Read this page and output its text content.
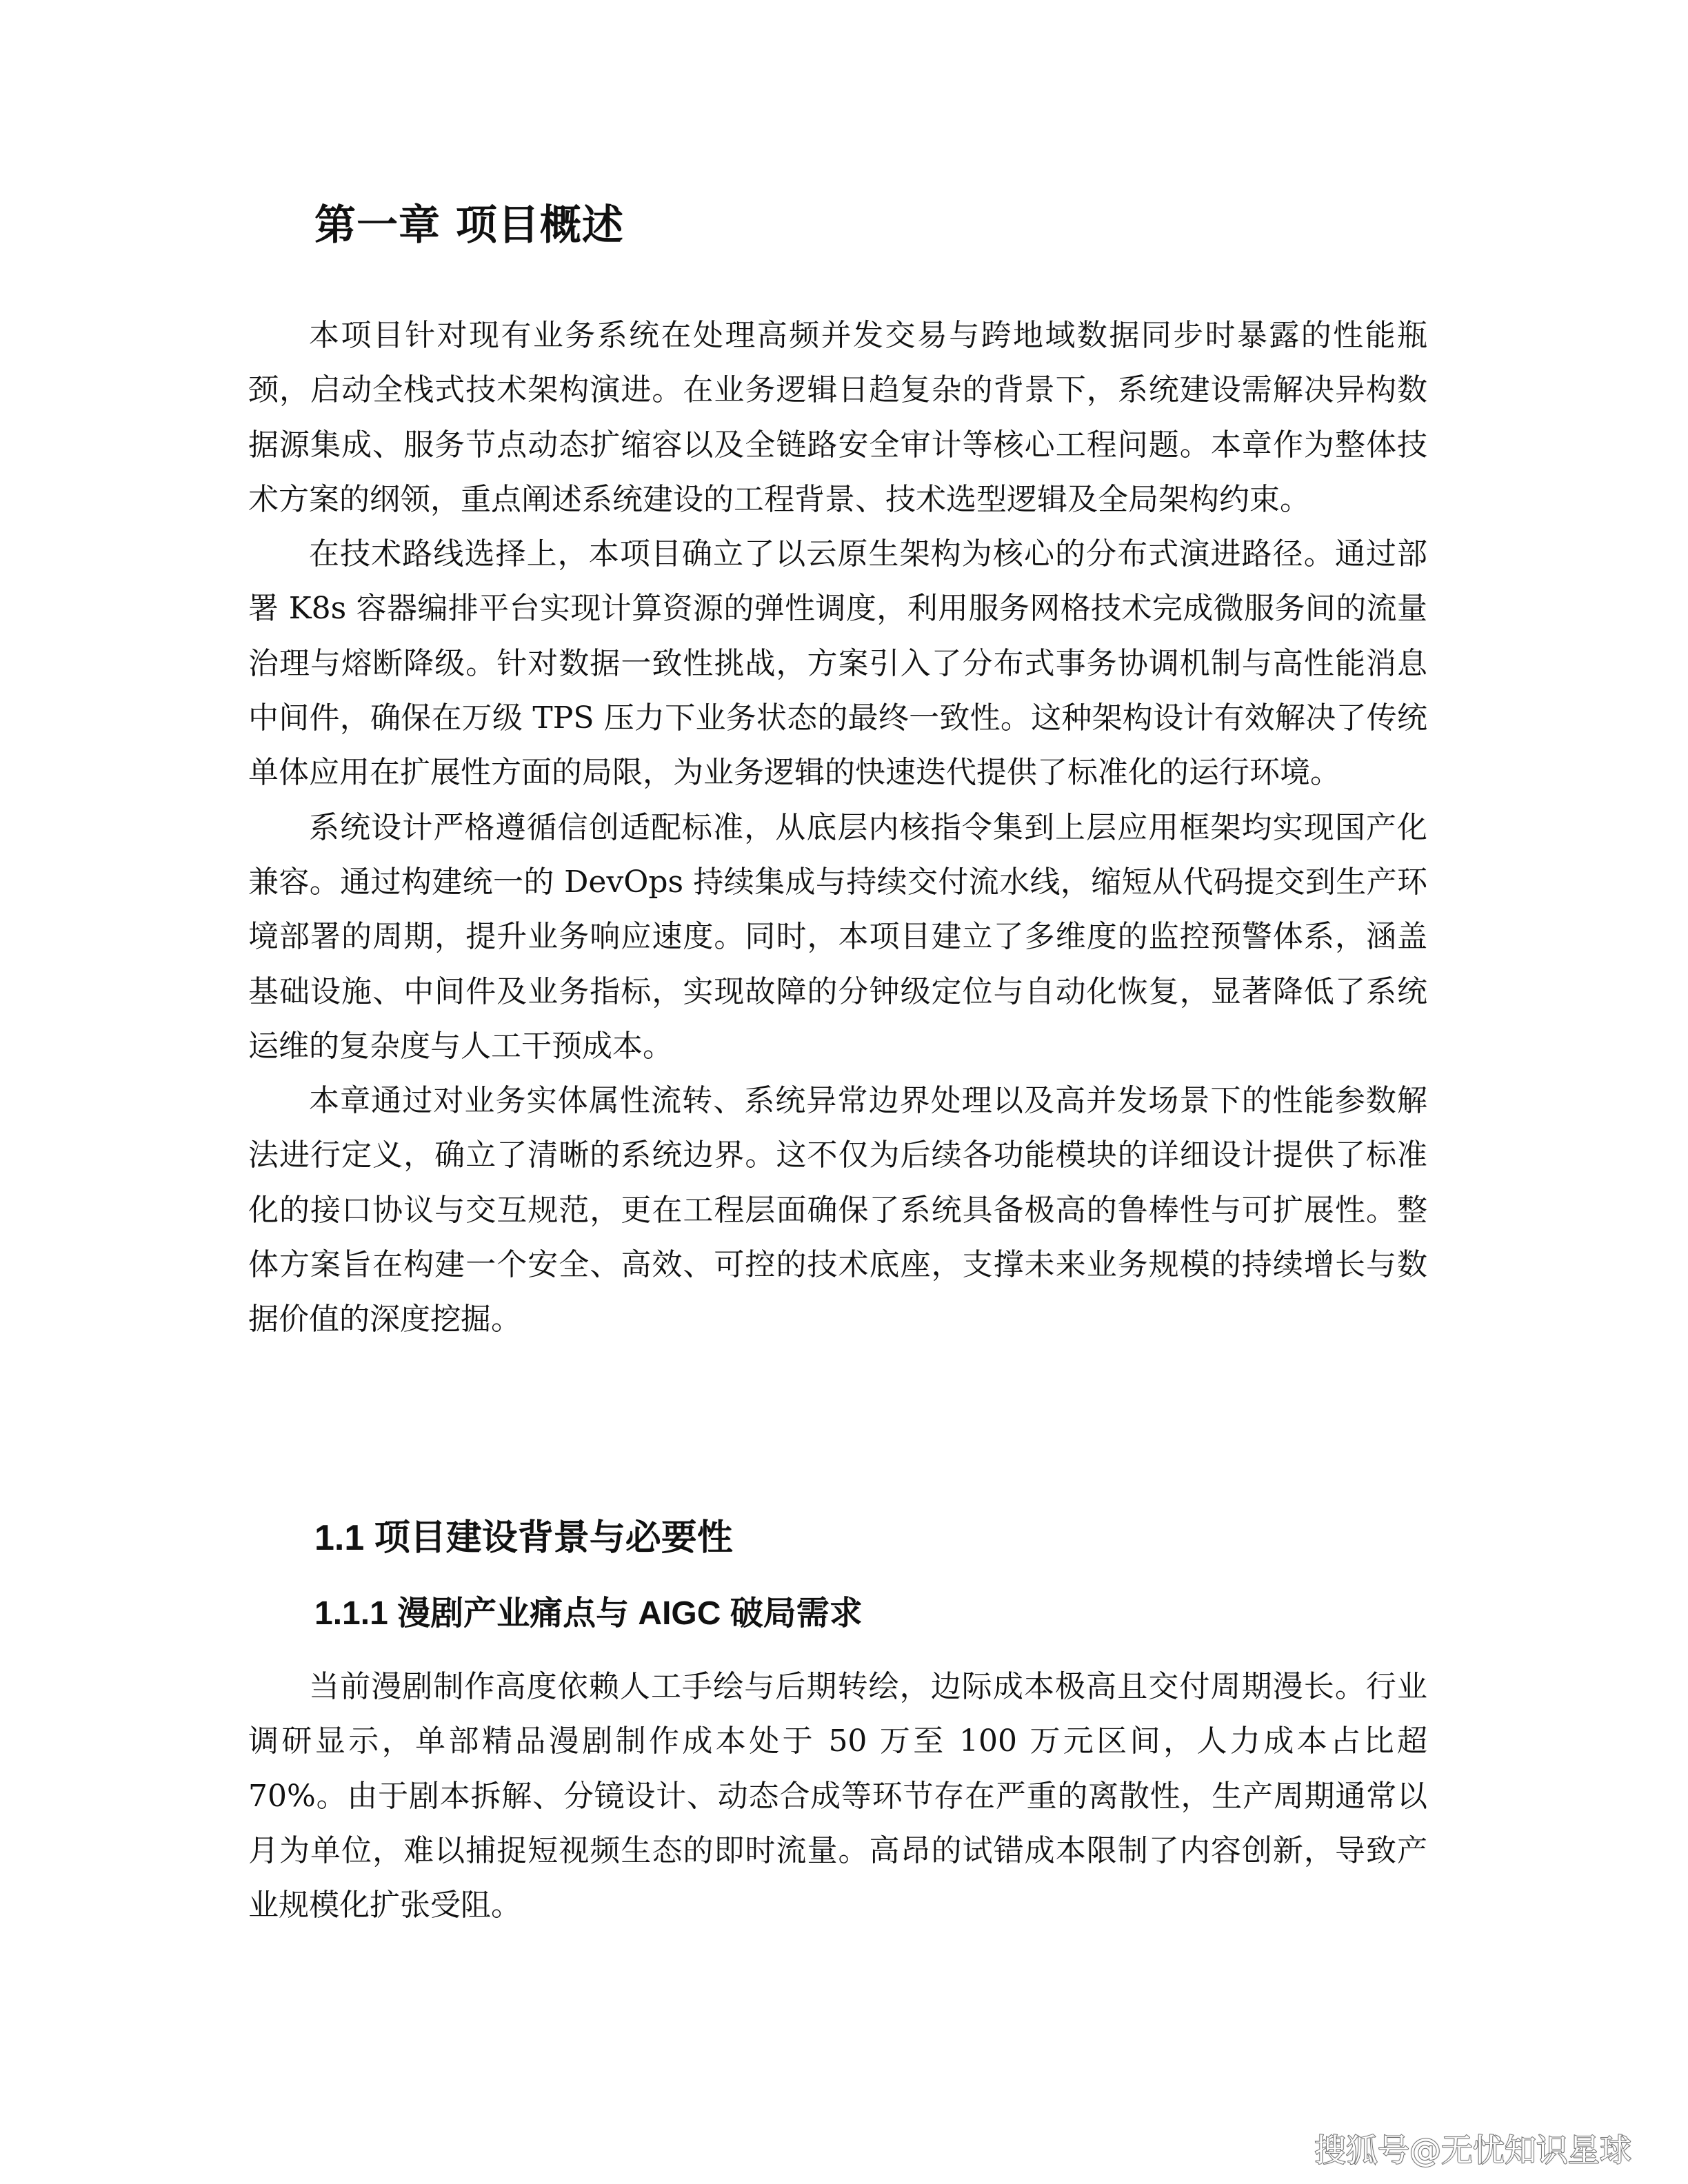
第一章 项目概述

本项目针对现有业务系统在处理高频并发交易与跨地域数据同步时暴露的性能瓶颈，启动全栈式技术架构演进。在业务逻辑日趋复杂的背景下，系统建设需解决异构数据源集成、服务节点动态扩缩容以及全链路安全审计等核心工程问题。本章作为整体技术方案的纲领，重点阐述系统建设的工程背景、技术选型逻辑及全局架构约束。

在技术路线选择上，本项目确立了以云原生架构为核心的分布式演进路径。通过部署 K8s 容器编排平台实现计算资源的弹性调度，利用服务网格技术完成微服务间的流量治理与熔断降级。针对数据一致性挑战，方案引入了分布式事务协调机制与高性能消息中间件，确保在万级 TPS 压力下业务状态的最终一致性。这种架构设计有效解决了传统单体应用在扩展性方面的局限，为业务逻辑的快速迭代提供了标准化的运行环境。

系统设计严格遵循信创适配标准，从底层内核指令集到上层应用框架均实现国产化兼容。通过构建统一的 DevOps 持续集成与持续交付流水线，缩短从代码提交到生产环境部署的周期，提升业务响应速度。同时，本项目建立了多维度的监控预警体系，涵盖基础设施、中间件及业务指标，实现故障的分钟级定位与自动化恢复，显著降低了系统运维的复杂度与人工干预成本。

本章通过对业务实体属性流转、系统异常边界处理以及高并发场景下的性能参数解法进行定义，确立了清晰的系统边界。这不仅为后续各功能模块的详细设计提供了标准化的接口协议与交互规范，更在工程层面确保了系统具备极高的鲁棒性与可扩展性。整体方案旨在构建一个安全、高效、可控的技术底座，支撑未来业务规模的持续增长与数据价值的深度挖掘。

1.1 项目建设背景与必要性
1.1.1 漫剧产业痛点与 AIGC 破局需求

当前漫剧制作高度依赖人工手绘与后期转绘，边际成本极高且交付周期漫长。行业调研显示，单部精品漫剧制作成本处于 50 万至 100 万元区间，人力成本占比超 70%。由于剧本拆解、分镜设计、动态合成等环节存在严重的离散性，生产周期通常以月为单位，难以捕捉短视频生态的即时流量。高昂的试错成本限制了内容创新，导致产业规模化扩张受阻。

搜狐号@无忧知识星球
